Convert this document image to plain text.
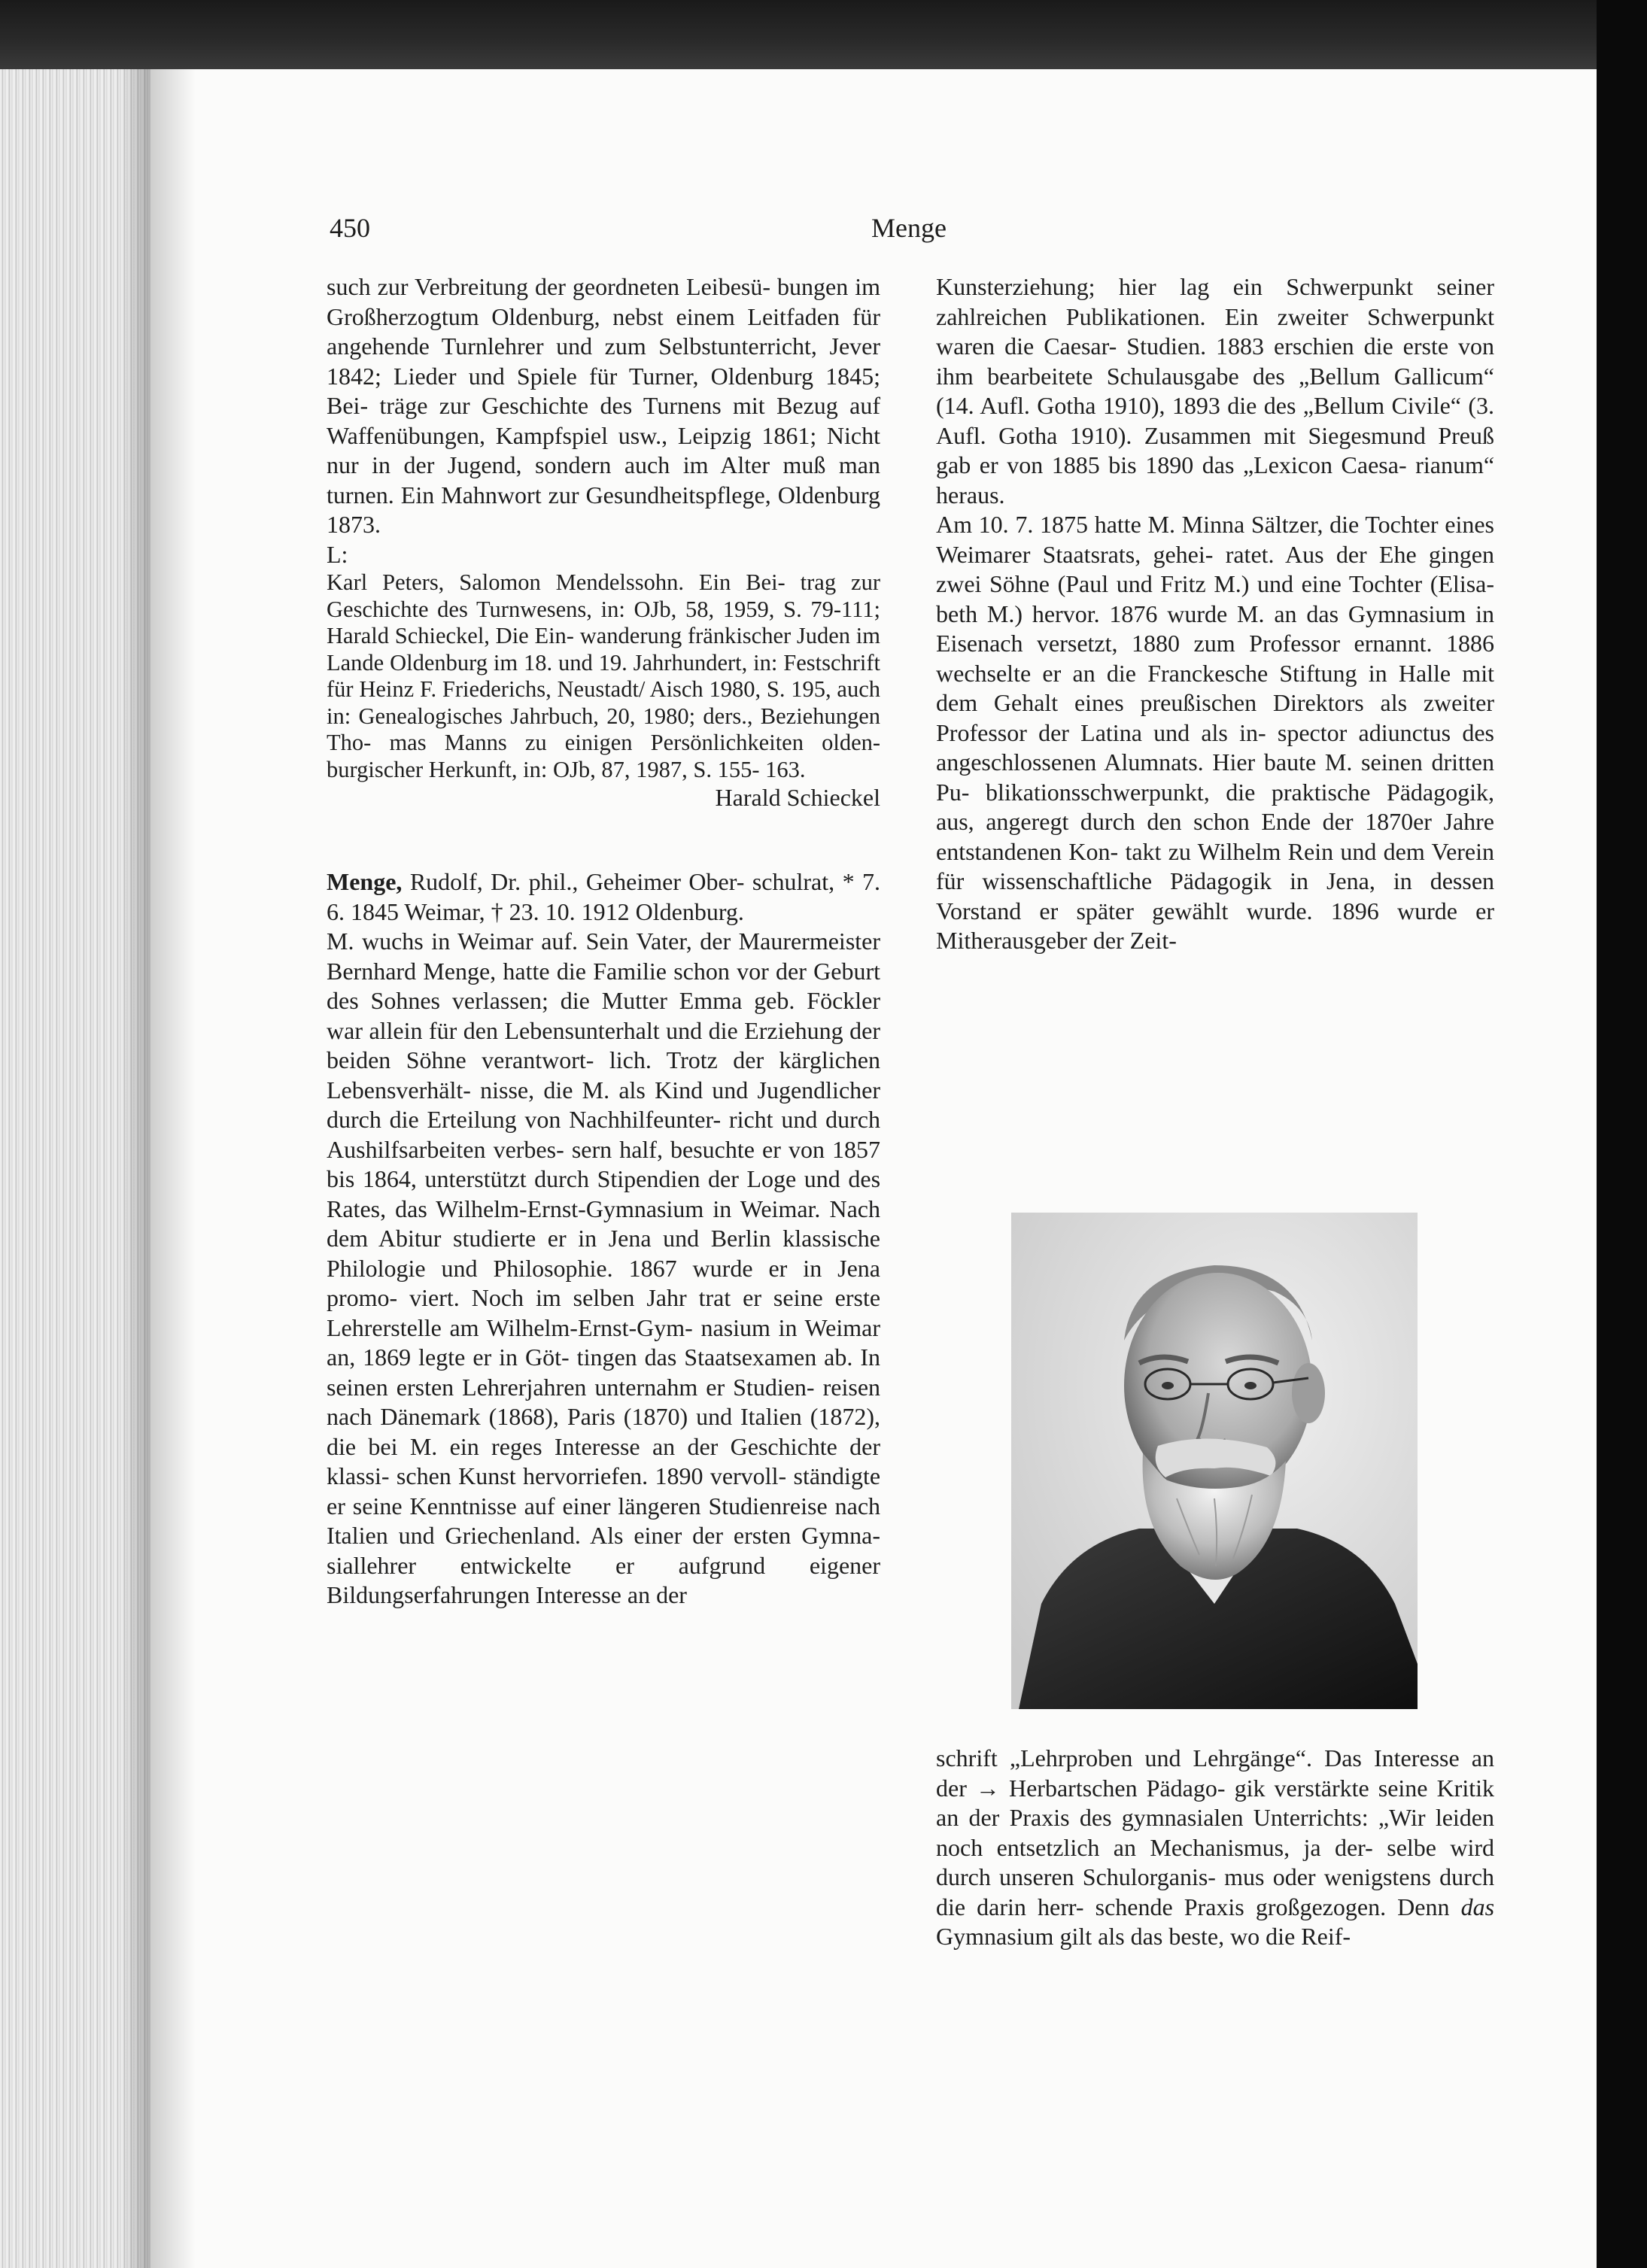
450	Menge

such zur Verbreitung der geordneten Leibesü- bungen im Großherzogtum Oldenburg, nebst einem Leitfaden für angehende Turnlehrer und zum Selbstunterricht, Jever 1842; Lieder und Spiele für Turner, Oldenburg 1845; Bei- träge zur Geschichte des Turnens mit Bezug auf Waffenübungen, Kampfspiel usw., Leipzig 1861; Nicht nur in der Jugend, sondern auch im Alter muß man turnen. Ein Mahnwort zur Gesundheitspflege, Oldenburg 1873.

L:

Karl Peters, Salomon Mendelssohn. Ein Bei- trag zur Geschichte des Turnwesens, in: OJb, 58, 1959, S. 79-111; Harald Schieckel, Die Ein- wanderung fränkischer Juden im Lande Oldenburg im 18. und 19. Jahrhundert, in: Festschrift für Heinz F. Friederichs, Neustadt/ Aisch 1980, S. 195, auch in: Genealogisches Jahrbuch, 20, 1980; ders., Beziehungen Tho- mas Manns zu einigen Persönlichkeiten olden- burgischer Herkunft, in: OJb, 87, 1987, S. 155- 163.

Harald Schieckel

Menge, Rudolf, Dr. phil., Geheimer Ober- schulrat, * 7. 6. 1845 Weimar, † 23. 10. 1912 Oldenburg.

M. wuchs in Weimar auf. Sein Vater, der Maurermeister Bernhard Menge, hatte die Familie schon vor der Geburt des Sohnes verlassen; die Mutter Emma geb. Föckler war allein für den Lebensunterhalt und die Erziehung der beiden Söhne verantwort- lich. Trotz der kärglichen Lebensverhält- nisse, die M. als Kind und Jugendlicher durch die Erteilung von Nachhilfeunter- richt und durch Aushilfsarbeiten verbes- sern half, besuchte er von 1857 bis 1864, unterstützt durch Stipendien der Loge und des Rates, das Wilhelm-Ernst-Gymnasium in Weimar. Nach dem Abitur studierte er in Jena und Berlin klassische Philologie und Philosophie. 1867 wurde er in Jena promo- viert. Noch im selben Jahr trat er seine erste Lehrerstelle am Wilhelm-Ernst-Gym- nasium in Weimar an, 1869 legte er in Göt- tingen das Staatsexamen ab. In seinen ersten Lehrerjahren unternahm er Studien- reisen nach Dänemark (1868), Paris (1870) und Italien (1872), die bei M. ein reges Interesse an der Geschichte der klassi- schen Kunst hervorriefen. 1890 vervoll- ständigte er seine Kenntnisse auf einer längeren Studienreise nach Italien und Griechenland. Als einer der ersten Gymna- siallehrer entwickelte er aufgrund eigener Bildungserfahrungen Interesse an der

Kunsterziehung; hier lag ein Schwerpunkt seiner zahlreichen Publikationen. Ein zweiter Schwerpunkt waren die Caesar- Studien. 1883 erschien die erste von ihm bearbeitete Schulausgabe des „Bellum Gallicum“ (14. Aufl. Gotha 1910), 1893 die des „Bellum Civile“ (3. Aufl. Gotha 1910). Zusammen mit Siegesmund Preuß gab er von 1885 bis 1890 das „Lexicon Caesa- rianum“ heraus.

Am 10. 7. 1875 hatte M. Minna Sältzer, die Tochter eines Weimarer Staatsrats, gehei- ratet. Aus der Ehe gingen zwei Söhne (Paul und Fritz M.) und eine Tochter (Elisa- beth M.) hervor. 1876 wurde M. an das Gymnasium in Eisenach versetzt, 1880 zum Professor ernannt. 1886 wechselte er an die Franckesche Stiftung in Halle mit dem Gehalt eines preußischen Direktors als zweiter Professor der Latina und als in- spector adiunctus des angeschlossenen Alumnats. Hier baute M. seinen dritten Pu- blikationsschwerpunkt, die praktische Pädagogik, aus, angeregt durch den schon Ende der 1870er Jahre entstandenen Kon- takt zu Wilhelm Rein und dem Verein für wissenschaftliche Pädagogik in Jena, in dessen Vorstand er später gewählt wurde. 1896 wurde er Mitherausgeber der Zeit-

schrift „Lehrproben und Lehrgänge“. Das Interesse an der → Herbartschen Pädago- gik verstärkte seine Kritik an der Praxis des gymnasialen Unterrichts: „Wir leiden noch entsetzlich an Mechanismus, ja der- selbe wird durch unseren Schulorganis- mus oder wenigstens durch die darin herr- schende Praxis großgezogen. Denn das Gymnasium gilt als das beste, wo die Reif-
